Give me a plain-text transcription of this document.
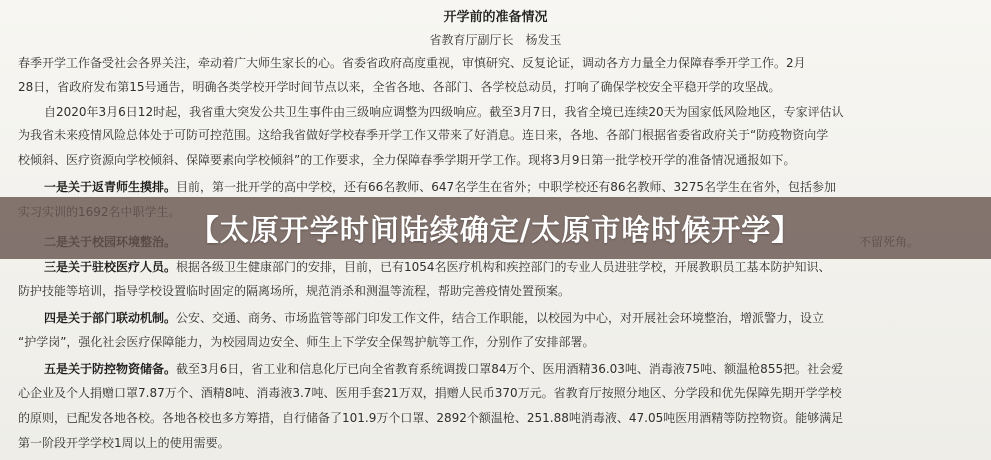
开学前的准备情况

省教育厅副厅长　杨发玉

春季开学工作备受社会各界关注，牵动着广大师生家长的心。省委省政府高度重视，审慎研究、反复论证，调动各方力量全力保障春季开学工作。2月

28日，省政府发布第15号通告，明确各类学校开学时间节点以来，全省各地、各部门、各学校总动员，打响了确保学校安全平稳开学的攻坚战。

自2020年3月6日12时起，我省重大突发公共卫生事件由三级响应调整为四级响应。截至3月7日，我省全境已连续20天为国家低风险地区，专家评估认

为我省未来疫情风险总体处于可防可控范围。这给我省做好学校春季开学工作又带来了好消息。连日来，各地、各部门根据省委省政府关于“防疫物资向学

校倾斜、医疗资源向学校倾斜、保障要素向学校倾斜”的工作要求，全力保障春季学期开学工作。现将3月9日第一批学校开学的准备情况通报如下。

一是关于返青师生摸排。目前，第一批开学的高中学校，还有66名教师、647名学生在省外；中职学校还有86名教师、3275名学生在省外，包括参加

三是关于驻校医疗人员。根据各级卫生健康部门的安排，目前，已有1054名医疗机构和疾控部门的专业人员进驻学校，开展教职员工基本防护知识、

防护技能等培训，指导学校设置临时固定的隔离场所，规范消杀和测温等流程，帮助完善疫情处置预案。

四是关于部门联动机制。公安、交通、商务、市场监管等部门印发工作文件，结合工作职能，以校园为中心，对开展社会环境整治，增派警力，设立

“护学岗”，强化社会医疗保障能力，为校园周边安全、师生上下学安全保驾护航等工作，分别作了安排部署。

五是关于防控物资储备。截至3月6日，省工业和信息化厅已向全省教育系统调拨口罩84万个、医用酒精36.03吨、消毒液75吨、额温枪855把。社会爱

心企业及个人捐赠口罩7.87万个、酒精8吨、消毒液3.7吨、医用手套21万双，捐赠人民币370万元。省教育厅按照分地区、分学段和优先保障先期开学学校

的原则，已配发各地各校。各地各校也多方筹措，自行储备了101.9万个口罩、2892个额温枪、251.88吨消毒液、47.05吨医用酒精等防控物资。能够满足

第一阶段开学学校1周以上的使用需要。

【太原开学时间陆续确定/太原市啥时候开学】
